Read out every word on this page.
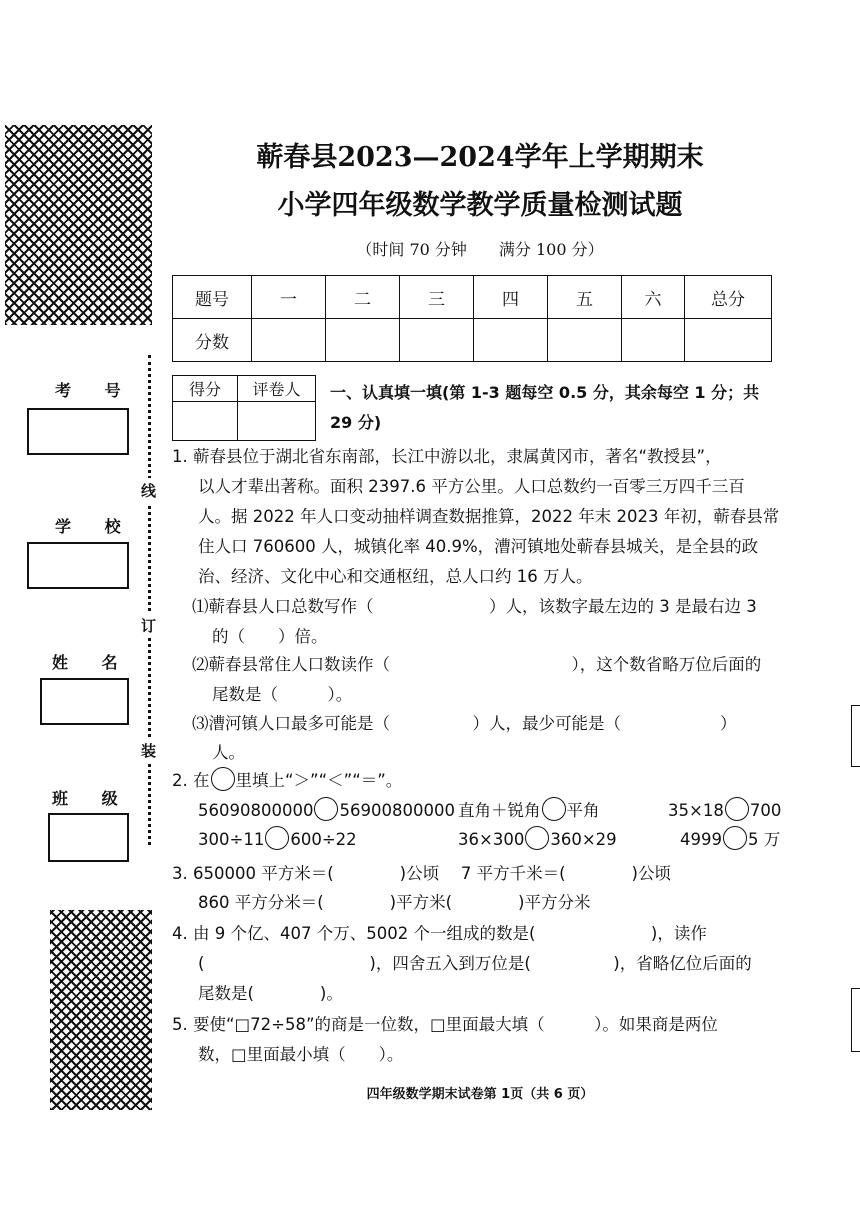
考 号
学 校
姓 名
班 级
线
订
装
蕲春县2023—2024学年上学期期末
小学四年级数学教学质量检测试题
（时间 70 分钟　　满分 100 分）
题号	一	二	三	四	五	六	总分
分数							
得分	评卷人
	一、认真填一填(第 1-3 题每空 0.5 分，其余每空 1 分；共
29 分)
1. 蕲春县位于湖北省东南部，长江中游以北，隶属黄冈市，著名“教授县”，
以人才辈出著称。面积 2397.6 平方公里。人口总数约一百零三万四千三百
人。据 2022 年人口变动抽样调查数据推算，2022 年末 2023 年初，蕲春县常
住人口 760600 人，城镇化率 40.9%，漕河镇地处蕲春县城关，是全县的政
治、经济、文化中心和交通枢纽，总人口约 16 万人。
⑴蕲春县人口总数写作（　　　　　　　）人，该数字最左边的 3 是最右边 3
的（　　）倍。
⑵蕲春县常住人口数读作（　　　　　　　　　　　），这个数省略万位后面的
尾数是（　　　）。
⑶漕河镇人口最多可能是（　　　　　）人，最少可能是（　　　　　　）
人。
2. 在 里填上“＞”“＜”“＝”。
56090800000 56900800000 直角＋锐角 平角	35×18 700
300÷11 600÷22	36×300 360×29	4999 5 万
3. 650000 平方米＝(　　　　)公顷　 7 平方千米＝(　　　　)公顷
860 平方分米＝(　　　　)平方米(　　　　)平方分米
4. 由 9 个亿、407 个万、5002 个一组成的数是(　　　　　　　)，读作
(　　　　　　　　　　)，四舍五入到万位是(　　　　　)，省略亿位后面的
尾数是(　　　　)。
5. 要使“□72÷58”的商是一位数，□里面最大填（　　　）。如果商是两位
数，□里面最小填（　　）。
四年级数学期末试卷第 1页（共 6 页）
